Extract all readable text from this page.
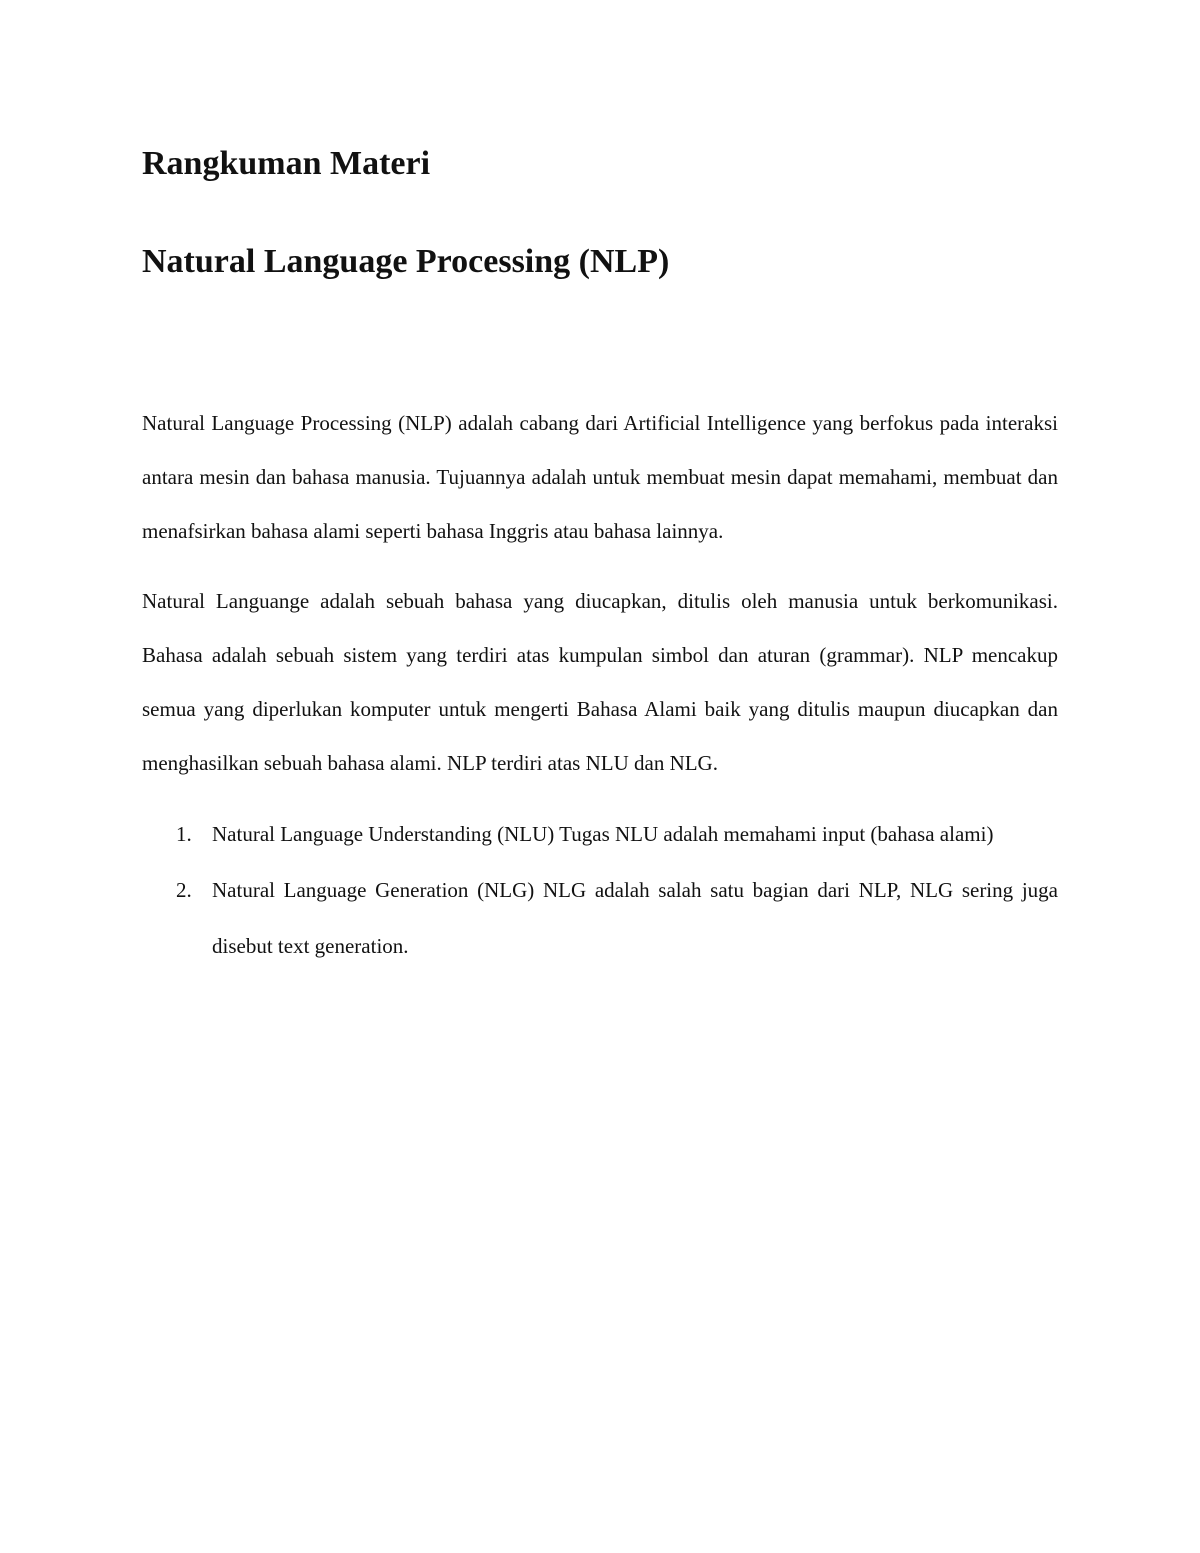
Rangkuman Materi
Natural Language Processing (NLP)

Natural Language Processing (NLP) adalah cabang dari Artificial Intelligence yang berfokus pada interaksi antara mesin dan bahasa manusia. Tujuannya adalah untuk membuat mesin dapat memahami, membuat dan menafsirkan bahasa alami seperti bahasa Inggris atau bahasa lainnya.

Natural Languange adalah sebuah bahasa yang diucapkan, ditulis oleh manusia untuk berkomunikasi. Bahasa adalah sebuah sistem yang terdiri atas kumpulan simbol dan aturan (grammar). NLP mencakup semua yang diperlukan komputer untuk mengerti Bahasa Alami baik yang ditulis maupun diucapkan dan menghasilkan sebuah bahasa alami. NLP terdiri atas NLU dan NLG.

1. Natural Language Understanding (NLU) Tugas NLU adalah memahami input (bahasa alami)
2. Natural Language Generation (NLG) NLG adalah salah satu bagian dari NLP, NLG sering juga disebut text generation.
